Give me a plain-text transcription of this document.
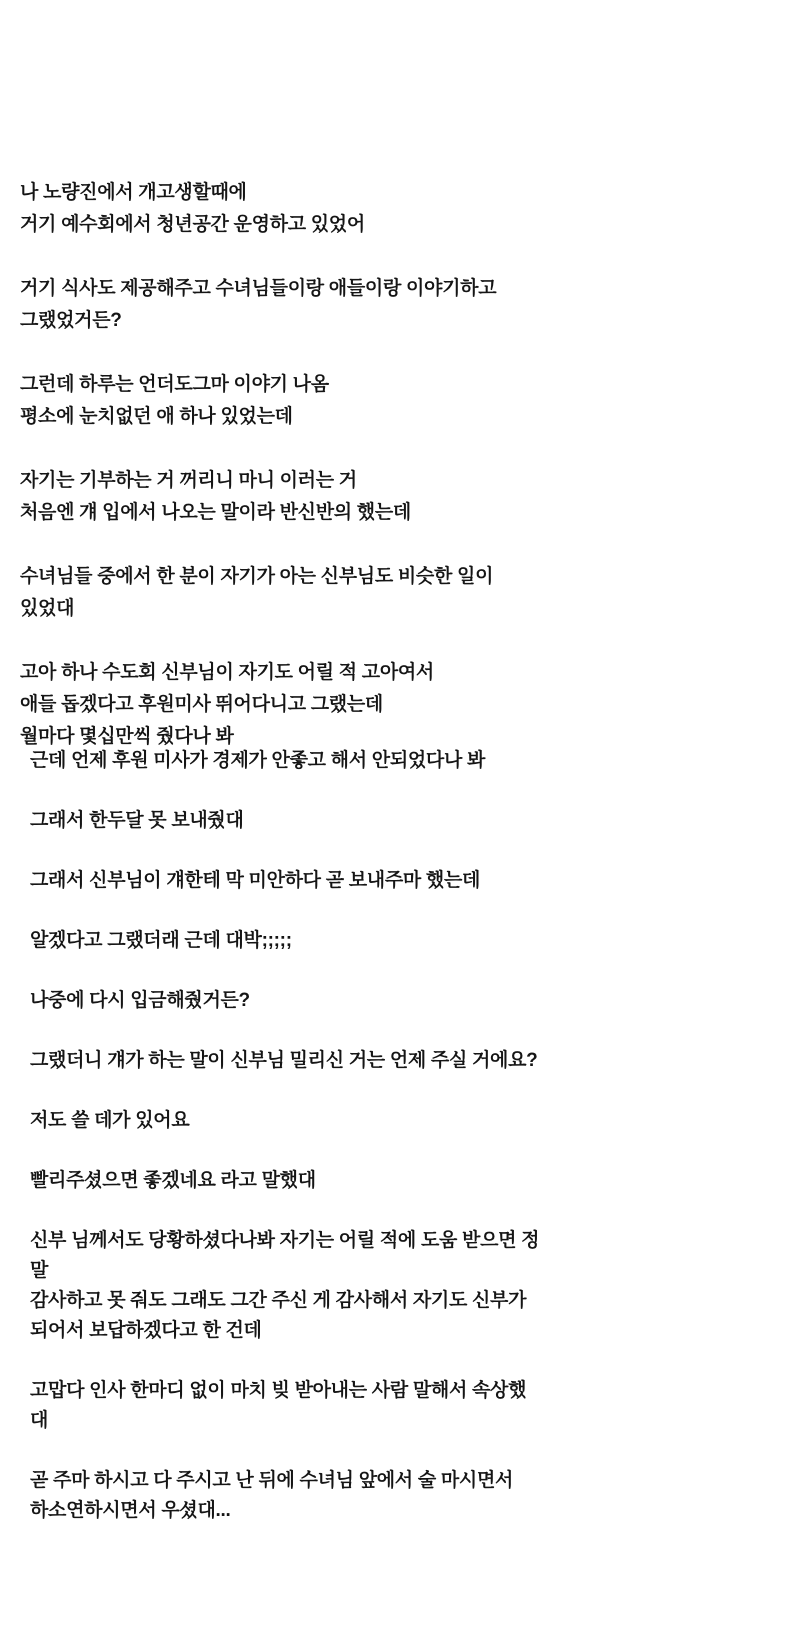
나 노량진에서 개고생할때에
거기 예수회에서 청년공간 운영하고 있었어

거기 식사도 제공해주고 수녀님들이랑 애들이랑 이야기하고
그랬었거든?

그런데 하루는 언더도그마 이야기 나옴
평소에 눈치없던 애 하나 있었는데

자기는 기부하는 거 꺼리니 마니 이러는 거
처음엔 걔 입에서 나오는 말이라 반신반의 했는데

수녀님들 중에서 한 분이 자기가 아는 신부님도 비슷한 일이
있었대

고아 하나 수도회 신부님이 자기도 어릴 적 고아여서
애들 돕겠다고 후원미사 뛰어다니고 그랬는데
월마다 몇십만씩 줬다나 봐

근데 언제 후원 미사가 경제가 안좋고 해서 안되었다나 봐

그래서 한두달 못 보내줬대

그래서 신부님이 걔한테 막 미안하다 곧 보내주마 했는데

알겠다고 그랬더래 근데 대박;;;;;

나중에 다시 입금해줬거든?

그랬더니 걔가 하는 말이 신부님 밀리신 거는 언제 주실 거에요?

저도 쓸 데가 있어요

빨리주셨으면 좋겠네요 라고 말했대

신부 님께서도 당황하셨다나봐 자기는 어릴 적에 도움 받으면 정
말
감사하고 못 줘도 그래도 그간 주신 게 감사해서 자기도 신부가
되어서 보답하겠다고 한 건데

고맙다 인사 한마디 없이 마치 빚 받아내는 사람 말해서 속상했
대

곧 주마 하시고 다 주시고 난 뒤에 수녀님 앞에서 술 마시면서
하소연하시면서 우셨대...
